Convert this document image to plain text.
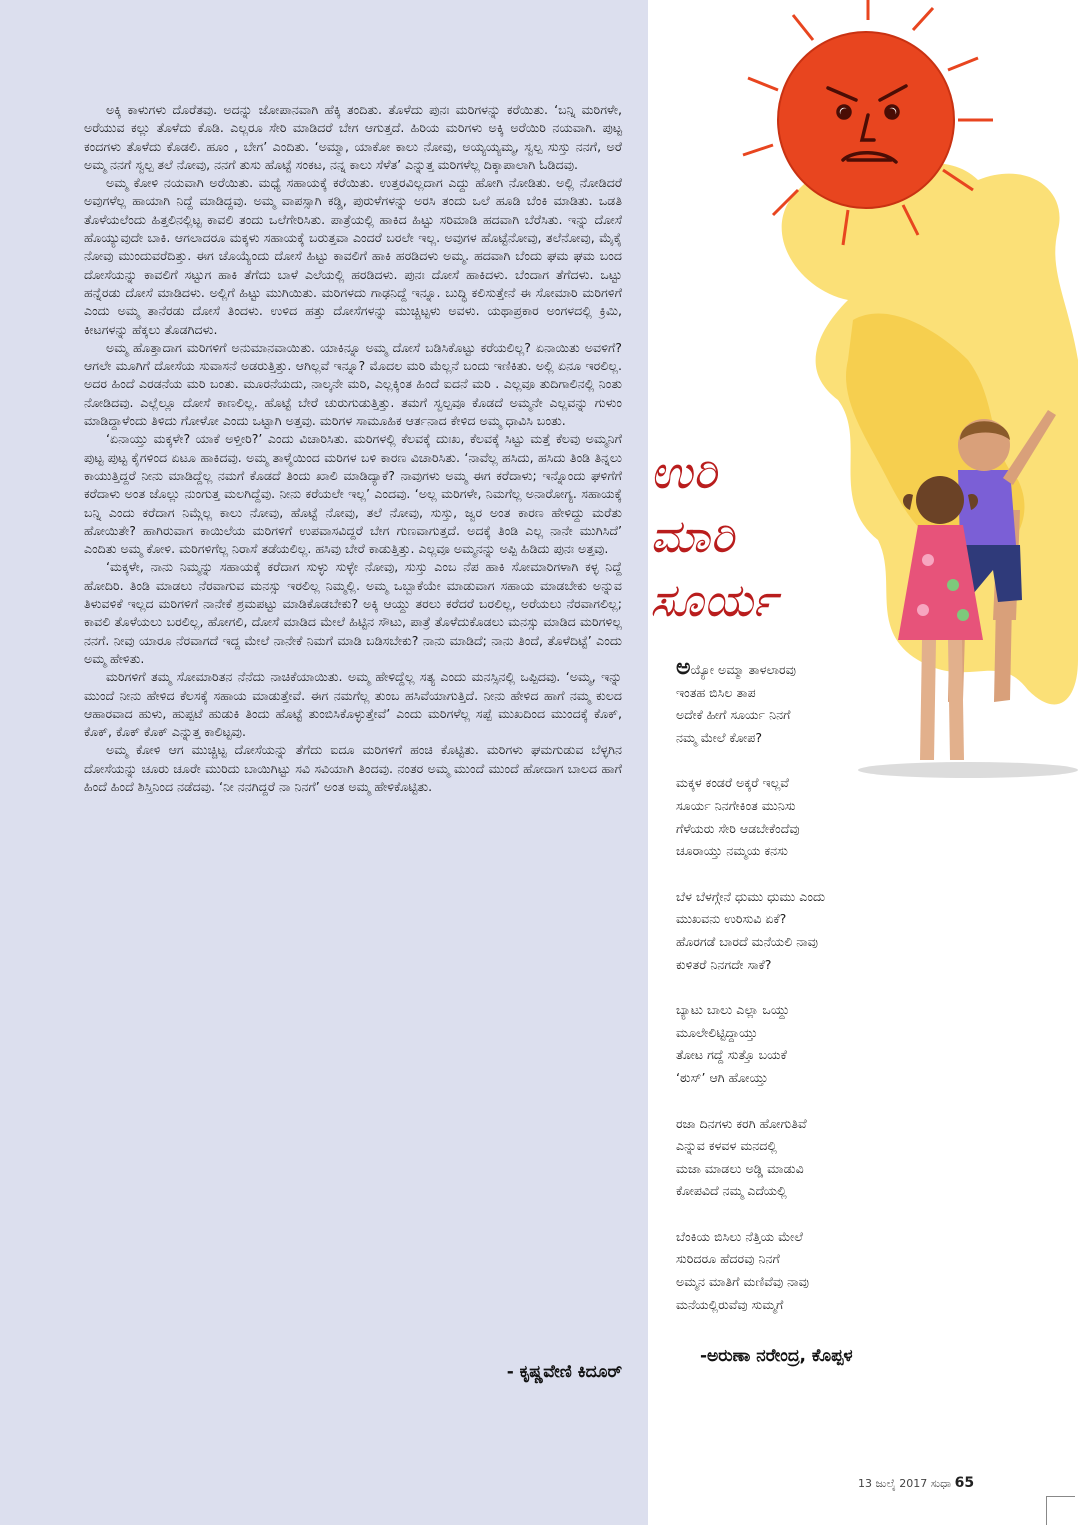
ಅಕ್ಕಿ ಕಾಳುಗಳು ದೊರೆತವು. ಅದನ್ನು ಜೋಪಾನವಾಗಿ ಹೆಕ್ಕಿ ತಂದಿತು. ತೊಳೆದು ಪುನಃ ಮರಿಗಳನ್ನು ಕರೆಯಿತು. ‘ಬನ್ನಿ ಮರಿಗಳೇ, ಅರೆಯುವ ಕಲ್ಲು ತೊಳೆದು ಕೊಡಿ. ಎಲ್ಲರೂ ಸೇರಿ ಮಾಡಿದರೆ ಬೇಗ ಆಗುತ್ತದೆ. ಹಿರಿಯ ಮರಿಗಳು ಅಕ್ಕಿ ಅರೆಯಿರಿ ನಯವಾಗಿ. ಪುಟ್ಟ ಕಂದಗಳು ತೊಳೆದು ಕೊಡಲಿ. ಹೂಂ , ಬೇಗ’ ಎಂದಿತು. ‘ಅಮ್ಮಾ, ಯಾಕೋ ಕಾಲು ನೋವು, ಅಯ್ಯಯ್ಯಮ್ಮ, ಸ್ವಲ್ಪ ಸುಸ್ತು ನನಗೆ, ಅರೆ ಅಮ್ಮ ನನಗೆ ಸ್ವಲ್ಪ ತಲೆ ನೋವು, ನನಗೆ ತುಸು ಹೊಟ್ಟೆ ಸಂಕಟ, ನನ್ನ ಕಾಲು ಸೆಳೆತ’ ಎನ್ನುತ್ತ ಮರಿಗಳೆಲ್ಲ ದಿಕ್ಕಾಪಾಲಾಗಿ ಓಡಿದವು.

ಅಮ್ಮ ಕೋಳಿ ನಯವಾಗಿ ಅರೆಯಿತು. ಮಧ್ಯೆ ಸಹಾಯಕ್ಕೆ ಕರೆಯಿತು. ಉತ್ತರವಿಲ್ಲದಾಗ ಎದ್ದು ಹೋಗಿ ನೋಡಿತು. ಅಲ್ಲಿ ನೋಡಿದರೆ ಅವುಗಳೆಲ್ಲ ಹಾಯಾಗಿ ನಿದ್ದೆ ಮಾಡಿದ್ದವು. ಅಮ್ಮ ವಾಪಸ್ಸಾಗಿ ಕಡ್ಡಿ, ಪುರುಳೆಗಳನ್ನು ಅರಸಿ ತಂದು ಒಲೆ ಹೂಡಿ ಬೆಂಕಿ ಮಾಡಿತು. ಒಡತಿ ತೊಳೆಯಲೆಂದು ಹಿತ್ತಲಿನಲ್ಲಿಟ್ಟ ಕಾವಲಿ ತಂದು ಒಲೆಗೇರಿಸಿತು. ಪಾತ್ರೆಯಲ್ಲಿ ಹಾಕಿದ ಹಿಟ್ಟು ಸರಿಮಾಡಿ ಹದವಾಗಿ ಬೆರೆಸಿತು. ಇನ್ನು ದೋಸೆ ಹೊಯ್ಯುವುದೇ ಬಾಕಿ. ಆಗಲಾದರೂ ಮಕ್ಕಳು ಸಹಾಯಕ್ಕೆ ಬರುತ್ತವಾ ಎಂದರೆ ಬರಲೇ ಇಲ್ಲ. ಅವುಗಳ ಹೊಟ್ಟೆನೋವು, ತಲೆನೋವು, ಮೈಕೈ ನೋವು ಮುಂದುವರೆದಿತ್ತು. ಈಗ ಚೊಯ್ಯೆಂದು ದೋಸೆ ಹಿಟ್ಟು ಕಾವಲಿಗೆ ಹಾಕಿ ಹರಡಿದಳು ಅಮ್ಮ. ಹದವಾಗಿ ಬೆಂದು ಘಮ ಘಮ ಬಂದ ದೋಸೆಯನ್ನು ಕಾವಲಿಗೆ ಸಟ್ಟುಗ ಹಾಕಿ ತೆಗೆದು ಬಾಳೆ ಎಲೆಯಲ್ಲಿ ಹರಡಿದಳು. ಪುನಃ ದೋಸೆ ಹಾಕಿದಳು. ಬೆಂದಾಗ ತೆಗೆದಳು. ಒಟ್ಟು ಹನ್ನೆರಡು ದೋಸೆ ಮಾಡಿದಳು. ಅಲ್ಲಿಗೆ ಹಿಟ್ಟು ಮುಗಿಯಿತು. ಮರಿಗಳದು ಗಾಢನಿದ್ದೆ ಇನ್ನೂ. ಬುದ್ಧಿ ಕಲಿಸುತ್ತೇನೆ ಈ ಸೋಮಾರಿ ಮರಿಗಳಿಗೆ ಎಂದು ಅಮ್ಮ ತಾನೆರಡು ದೋಸೆ ತಿಂದಳು. ಉಳಿದ ಹತ್ತು ದೋಸೆಗಳನ್ನು ಮುಚ್ಚಿಟ್ಟಳು ಅವಳು. ಯಥಾಪ್ರಕಾರ ಅಂಗಳದಲ್ಲಿ ಕ್ರಿಮಿ, ಕೀಟಗಳನ್ನು ಹೆಕ್ಕಲು ತೊಡಗಿದಳು.

ಅಮ್ಮ ಹೊತ್ತಾದಾಗ ಮರಿಗಳಿಗೆ ಅನುಮಾನವಾಯಿತು. ಯಾಕಿನ್ನೂ ಅಮ್ಮ ದೋಸೆ ಬಡಿಸಿಕೊಟ್ಟು ಕರೆಯಲಿಲ್ಲ? ಏನಾಯಿತು ಅವಳಿಗೆ? ಆಗಲೇ ಮೂಗಿಗೆ ದೋಸೆಯ ಸುವಾಸನೆ ಅಡರುತ್ತಿತ್ತು. ಆಗಿಲ್ಲವೆ ಇನ್ನೂ? ಮೊದಲ ಮರಿ ಮೆಲ್ಲನೆ ಬಂದು ಇಣಿಕಿತು. ಅಲ್ಲಿ ಏನೂ ಇರಲಿಲ್ಲ. ಅದರ ಹಿಂದೆ ಎರಡನೆಯ ಮರಿ ಬಂತು. ಮೂರನೆಯದು, ನಾಲ್ಕನೇ ಮರಿ, ಎಲ್ಲಕ್ಕಿಂತ ಹಿಂದೆ ಐದನೆ ಮರಿ . ಎಲ್ಲವೂ ತುದಿಗಾಲಿನಲ್ಲಿ ನಿಂತು ನೋಡಿದವು. ಎಲ್ಲೆಲ್ಲೂ ದೋಸೆ ಕಾಣಲಿಲ್ಲ. ಹೊಟ್ಟೆ ಬೇರೆ ಚುರುಗುಡುತ್ತಿತ್ತು. ತಮಗೆ ಸ್ವಲ್ಪವೂ ಕೊಡದೆ ಅಮ್ಮನೇ ಎಲ್ಲವನ್ನು ಗುಳುಂ ಮಾಡಿದ್ದಾಳೆಂದು ತಿಳಿದು ಗೋಳೋ ಎಂದು ಒಟ್ಟಾಗಿ ಅತ್ತವು. ಮರಿಗಳ ಸಾಮೂಹಿಕ ಆರ್ತನಾದ ಕೇಳಿದ ಅಮ್ಮ ಧಾವಿಸಿ ಬಂತು.

‘ಏನಾಯ್ತು ಮಕ್ಕಳೇ? ಯಾಕೆ ಅಳ್ತೀರಿ?’ ಎಂದು ವಿಚಾರಿಸಿತು. ಮರಿಗಳಲ್ಲಿ ಕೆಲವಕ್ಕೆ ದುಃಖ, ಕೆಲವಕ್ಕೆ ಸಿಟ್ಟು ಮತ್ತೆ ಕೆಲವು ಅಮ್ಮನಿಗೆ ಪುಟ್ಟ ಪುಟ್ಟ ಕೈಗಳಿಂದ ಏಟೂ ಹಾಕಿದವು. ಅಮ್ಮ ತಾಳ್ಮೆಯಿಂದ ಮರಿಗಳ ಬಳಿ ಕಾರಣ ವಿಚಾರಿಸಿತು. ‘ನಾವೆಲ್ಲ ಹಸಿದು, ಹಸಿದು ತಿಂಡಿ ತಿನ್ನಲು ಕಾಯುತ್ತಿದ್ದರೆ ನೀನು ಮಾಡಿದ್ದೆಲ್ಲ ನಮಗೆ ಕೊಡದೆ ತಿಂದು ಖಾಲಿ ಮಾಡಿದ್ಯಾಕೆ? ನಾವುಗಳು ಅಮ್ಮ ಈಗ ಕರೆದಾಳು; ಇನ್ನೊಂದು ಘಳಿಗೆಗೆ ಕರೆದಾಳು ಅಂತ ಜೊಲ್ಲು ನುಂಗುತ್ತ ಮಲಗಿದ್ದೆವು. ನೀನು ಕರೆಯಲೇ ಇಲ್ಲ’ ಎಂದವು. ‘ಅಲ್ಲ ಮರಿಗಳೇ, ನಿಮಗೆಲ್ಲ ಅನಾರೋಗ್ಯ. ಸಹಾಯಕ್ಕೆ ಬನ್ನಿ ಎಂದು ಕರೆದಾಗ ನಿಮ್ಗೆಲ್ಲ ಕಾಲು ನೋವು, ಹೊಟ್ಟೆ ನೋವು, ತಲೆ ನೋವು, ಸುಸ್ತು, ಜ್ವರ ಅಂತ ಕಾರಣ ಹೇಳಿದ್ದು ಮರೆತು ಹೋಯಿತೇ? ಹಾಗಿರುವಾಗ ಕಾಯಿಲೆಯ ಮರಿಗಳಿಗೆ ಉಪವಾಸವಿದ್ದರೆ ಬೇಗ ಗುಣವಾಗುತ್ತದೆ. ಅದಕ್ಕೆ ತಿಂಡಿ ಎಲ್ಲ ನಾನೇ ಮುಗಿಸಿದೆ’ ಎಂದಿತು ಅಮ್ಮ ಕೋಳಿ. ಮರಿಗಳಿಗೆಲ್ಲ ನಿರಾಸೆ ತಡೆಯಲಿಲ್ಲ. ಹಸಿವು ಬೇರೆ ಕಾಡುತ್ತಿತ್ತು. ಎಲ್ಲವೂ ಅಮ್ಮನನ್ನು ಅಪ್ಪಿ ಹಿಡಿದು ಪುನಃ ಅತ್ತವು.

‘ಮಕ್ಕಳೇ, ನಾನು ನಿಮ್ಮನ್ನು ಸಹಾಯಕ್ಕೆ ಕರೆದಾಗ ಸುಳ್ಳು ಸುಳ್ಳೇ ನೋವು, ಸುಸ್ತು ಎಂಬ ನೆಪ ಹಾಕಿ ಸೋಮಾರಿಗಳಾಗಿ ಕಳ್ಳ ನಿದ್ದೆ ಹೋದಿರಿ. ತಿಂಡಿ ಮಾಡಲು ನೆರವಾಗುವ ಮನಸ್ಸು ಇರಲಿಲ್ಲ ನಿಮ್ಮಲ್ಲಿ. ಅಮ್ಮ ಒಬ್ಬಾಕೆಯೇ ಮಾಡುವಾಗ ಸಹಾಯ ಮಾಡಬೇಕು ಅನ್ನುವ ತಿಳುವಳಿಕೆ ಇಲ್ಲದ ಮರಿಗಳಿಗೆ ನಾನೇಕೆ ಶ್ರಮಪಟ್ಟು ಮಾಡಿಕೊಡಬೇಕು? ಅಕ್ಕಿ ಆಯ್ದು ತರಲು ಕರೆದರೆ ಬರಲಿಲ್ಲ, ಅರೆಯಲು ನೆರವಾಗಲಿಲ್ಲ; ಕಾವಲಿ ತೊಳೆಯಲು ಬರಲಿಲ್ಲ, ಹೋಗಲಿ, ದೋಸೆ ಮಾಡಿದ ಮೇಲೆ ಹಿಟ್ಟಿನ ಸೌಟು, ಪಾತ್ರೆ ತೊಳೆದುಕೊಡಲು ಮನಸ್ಸು ಮಾಡಿದ ಮರಿಗಳಿಲ್ಲ ನನಗೆ. ನೀವು ಯಾರೂ ನೆರವಾಗದೆ ಇದ್ದ ಮೇಲೆ ನಾನೇಕೆ ನಿಮಗೆ ಮಾಡಿ ಬಡಿಸಬೇಕು? ನಾನು ಮಾಡಿದೆ; ನಾನು ತಿಂದೆ, ತೊಳೆದಿಟ್ಟೆ’ ಎಂದು ಅಮ್ಮ ಹೇಳಿತು.

ಮರಿಗಳಿಗೆ ತಮ್ಮ ಸೋಮಾರಿತನ ನೆನೆದು ನಾಚಿಕೆಯಾಯಿತು. ಅಮ್ಮ ಹೇಳಿದ್ದೆಲ್ಲ ಸತ್ಯ ಎಂದು ಮನಸ್ಸಿನಲ್ಲಿ ಒಪ್ಪಿದವು. ‘ಅಮ್ಮ, ಇನ್ನು ಮುಂದೆ ನೀನು ಹೇಳಿದ ಕೆಲಸಕ್ಕೆ ಸಹಾಯ ಮಾಡುತ್ತೇವೆ. ಈಗ ನಮಗೆಲ್ಲ ತುಂಬ ಹಸಿವೆಯಾಗುತ್ತಿದೆ. ನೀನು ಹೇಳಿದ ಹಾಗೆ ನಮ್ಮ ಕುಲದ ಆಹಾರವಾದ ಹುಳು, ಹುಪ್ಪಟೆ ಹುಡುಕಿ ತಿಂದು ಹೊಟ್ಟೆ ತುಂಬಿಸಿಕೊಳ್ಳುತ್ತೇವೆ’ ಎಂದು ಮರಿಗಳೆಲ್ಲ ಸಪ್ಪೆ ಮುಖದಿಂದ ಮುಂದಕ್ಕೆ ಕೊಕ್, ಕೊಕ್, ಕೊಕ್ ಕೊಕ್ ಎನ್ನುತ್ತ ಕಾಲಿಟ್ಟವು.

ಅಮ್ಮ ಕೋಳಿ ಆಗ ಮುಚ್ಚಿಟ್ಟ ದೋಸೆಯನ್ನು ತೆಗೆದು ಐದೂ ಮರಿಗಳಿಗೆ ಹಂಚಿ ಕೊಟ್ಟಿತು. ಮರಿಗಳು ಘಮಗುಡುವ ಬೆಳ್ಳಗಿನ ದೋಸೆಯನ್ನು ಚೂರು ಚೂರೇ ಮುರಿದು ಬಾಯಿಗಿಟ್ಟು ಸವಿ ಸವಿಯಾಗಿ ತಿಂದವು. ನಂತರ ಅಮ್ಮ ಮುಂದೆ ಮುಂದೆ ಹೋದಾಗ ಬಾಲದ ಹಾಗೆ ಹಿಂದೆ ಹಿಂದೆ ಶಿಸ್ತಿನಿಂದ ನಡೆದವು. ‘ನೀ ನನಗಿದ್ದರೆ ನಾ ನಿನಗೆ’ ಅಂತ ಅಮ್ಮ ಹೇಳಿಕೊಟ್ಟಿತು.

- ಕೃಷ್ಣವೇಣಿ ಕಿದೂರ್
ಉರಿ
ಮಾರಿ
ಸೂರ್ಯ
ಅಯ್ಯೋ ಅಮ್ಮಾ ತಾಳಲಾರವು
ಇಂತಹ ಬಿಸಿಲ ತಾಪ
ಅದೇಕೆ ಹೀಗೆ ಸೂರ್ಯ ನಿನಗೆ
ನಮ್ಮ ಮೇಲೆ ಕೋಪ?
ಮಕ್ಕಳ ಕಂಡರೆ ಅಕ್ಕರೆ ಇಲ್ಲವೆ
ಸೂರ್ಯ ನಿನಗೇಕಿಂತ ಮುನಿಸು
ಗೆಳೆಯರು ಸೇರಿ ಆಡಬೇಕೆಂದೆವು
ಚೂರಾಯ್ತು ನಮ್ಮಯ ಕನಸು
ಬೆಳ ಬೆಳಗ್ಗೇನೆ ಧುಮು ಧುಮು ಎಂದು
ಮುಖವನು ಉರಿಸುವಿ ಏಕೆ?
ಹೊರಗಡೆ ಬಾರದೆ ಮನೆಯಲಿ ನಾವು
ಕುಳಿತರೆ ನಿನಗದೇ ಸಾಕೆ?
ಬ್ಯಾಟು ಬಾಲು ಎಲ್ಲಾ ಒಯ್ದು
ಮೂಲೇಲಿಟ್ಟಿದ್ದಾಯ್ತು
ತೋಟ ಗದ್ದೆ ಸುತ್ತೊ ಬಯಕೆ
‘ಠುಸ್’ ಆಗಿ ಹೋಯ್ತು
ರಜಾ ದಿನಗಳು ಕರಗಿ ಹೋಗುತಿವೆ
ಎನ್ನುವ ಕಳವಳ ಮನದಲ್ಲಿ
ಮಜಾ ಮಾಡಲು ಅಡ್ಡಿ ಮಾಡುವಿ
ಕೋಪವಿದೆ ನಮ್ಮ ಎದೆಯಲ್ಲಿ
ಬೆಂಕಿಯ ಬಿಸಿಲು ನೆತ್ತಿಯ ಮೇಲೆ
ಸುರಿದರೂ ಹೆದರವು ನಿನಗೆ
ಅಮ್ಮನ ಮಾತಿಗೆ ಮಣಿವೆವು ನಾವು
ಮನೆಯಲ್ಲಿರುವೆವು ಸುಮ್ಮಗೆ
-ಅರುಣಾ ನರೇಂದ್ರ, ಕೊಪ್ಪಳ
13 ಜುಲೈ 2017 ಸುಧಾ 65
